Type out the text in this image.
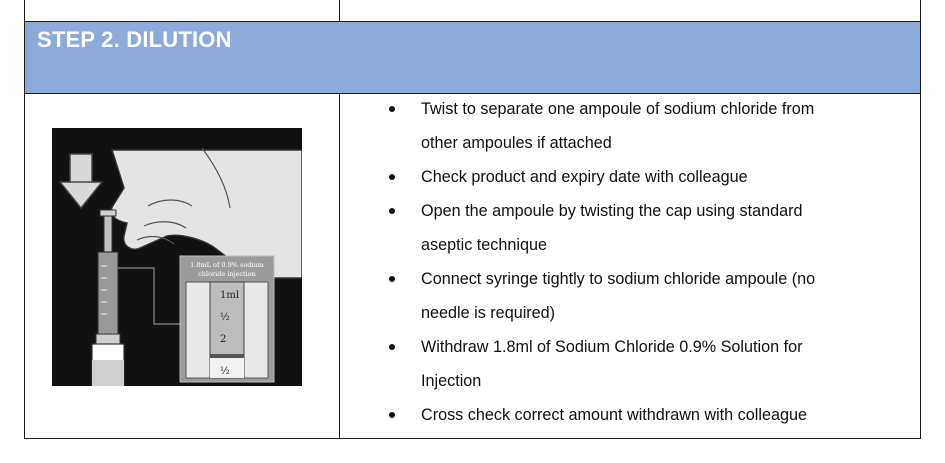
STEP 2. DILUTION
1.8mL of 0.9% sodium
chloride injection
1ml
½
2
½
Twist to separate one ampoule of sodium chloride from
other ampoules if attached
Check product and expiry date with colleague
Open the ampoule by twisting the cap using standard
aseptic technique
Connect syringe tightly to sodium chloride ampoule (no
needle is required)
Withdraw 1.8ml of Sodium Chloride 0.9% Solution for
Injection
Cross check correct amount withdrawn with colleague
